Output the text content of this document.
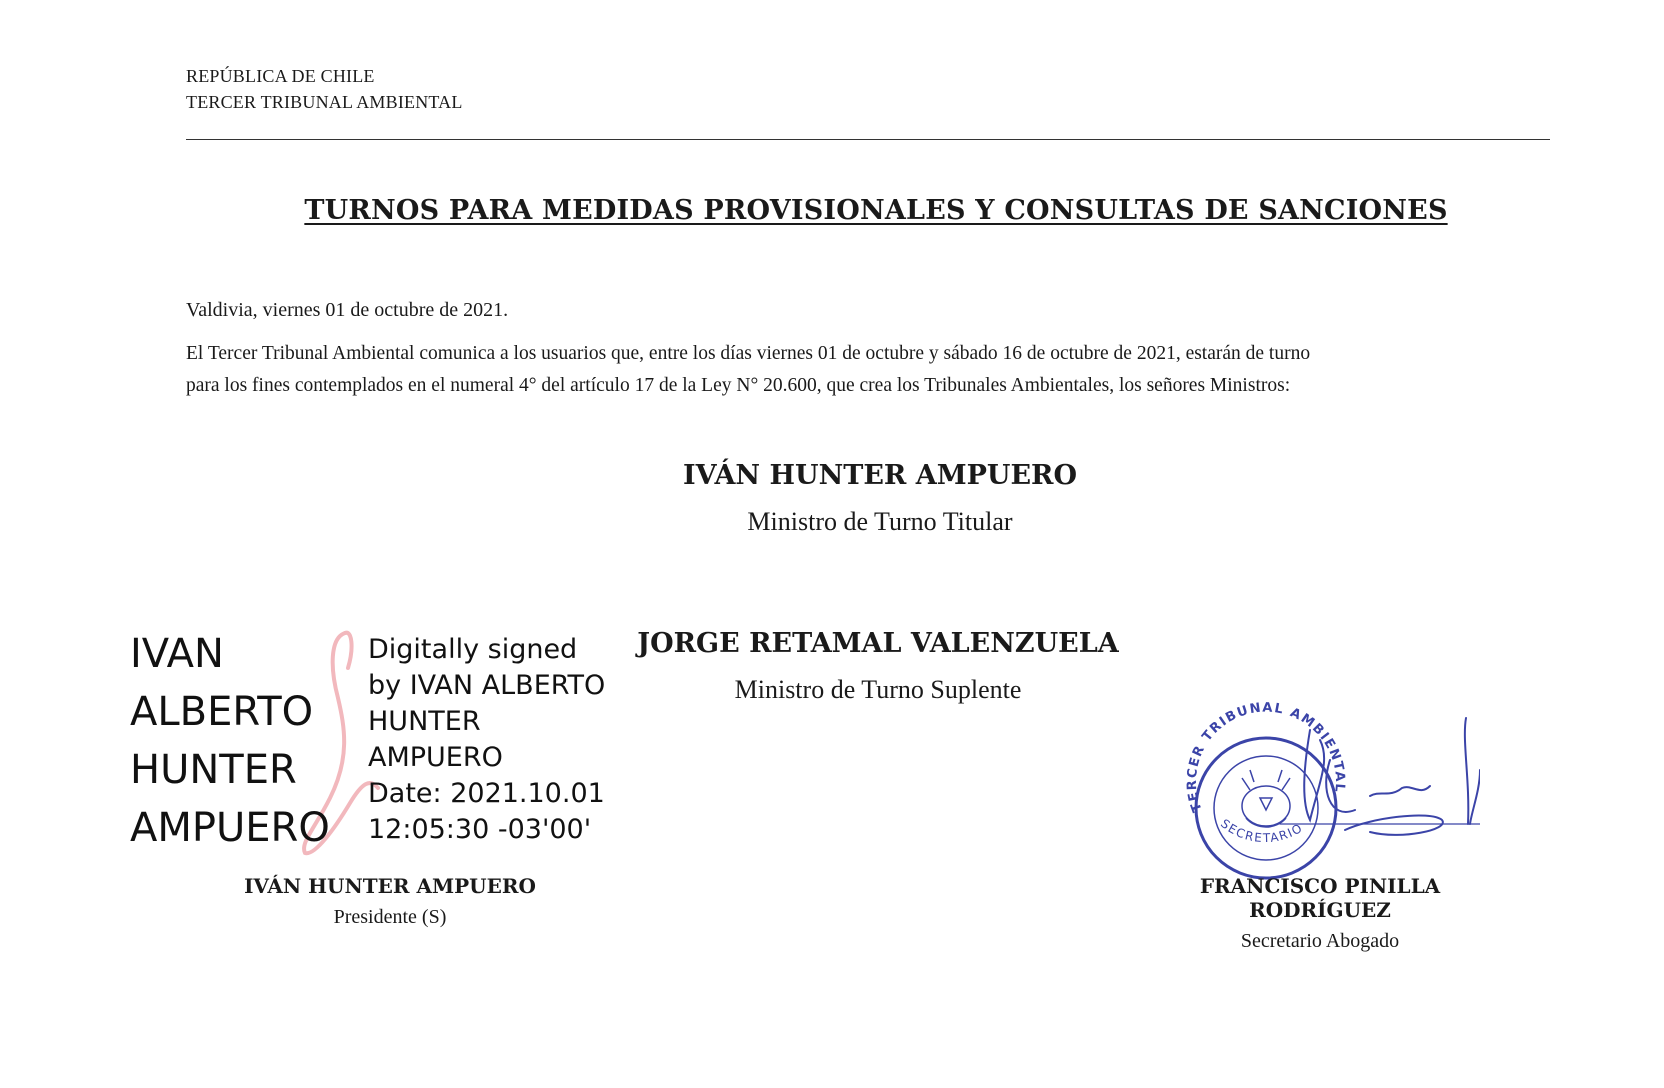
REPÚBLICA DE CHILE
TERCER TRIBUNAL AMBIENTAL
TURNOS PARA MEDIDAS PROVISIONALES Y CONSULTAS DE SANCIONES
Valdivia, viernes 01 de octubre de 2021.
El Tercer Tribunal Ambiental comunica a los usuarios que, entre los días viernes 01 de octubre y sábado 16 de octubre de 2021, estarán de turno
para los fines contemplados en el numeral 4° del artículo 17 de la Ley N° 20.600, que crea los Tribunales Ambientales, los señores Ministros:
IVÁN HUNTER AMPUERO
Ministro de Turno Titular
JORGE RETAMAL VALENZUELA
Ministro de Turno Suplente
IVAN
ALBERTO
HUNTER
AMPUERO
Digitally signed
by IVAN ALBERTO
HUNTER
AMPUERO
Date: 2021.10.01
12:05:30 -03'00'
IVÁN HUNTER AMPUERO
Presidente (S)
TERCER TRIBUNAL AMBIENTAL
SECRETARIO
FRANCISCO PINILLA RODRÍGUEZ
Secretario Abogado
